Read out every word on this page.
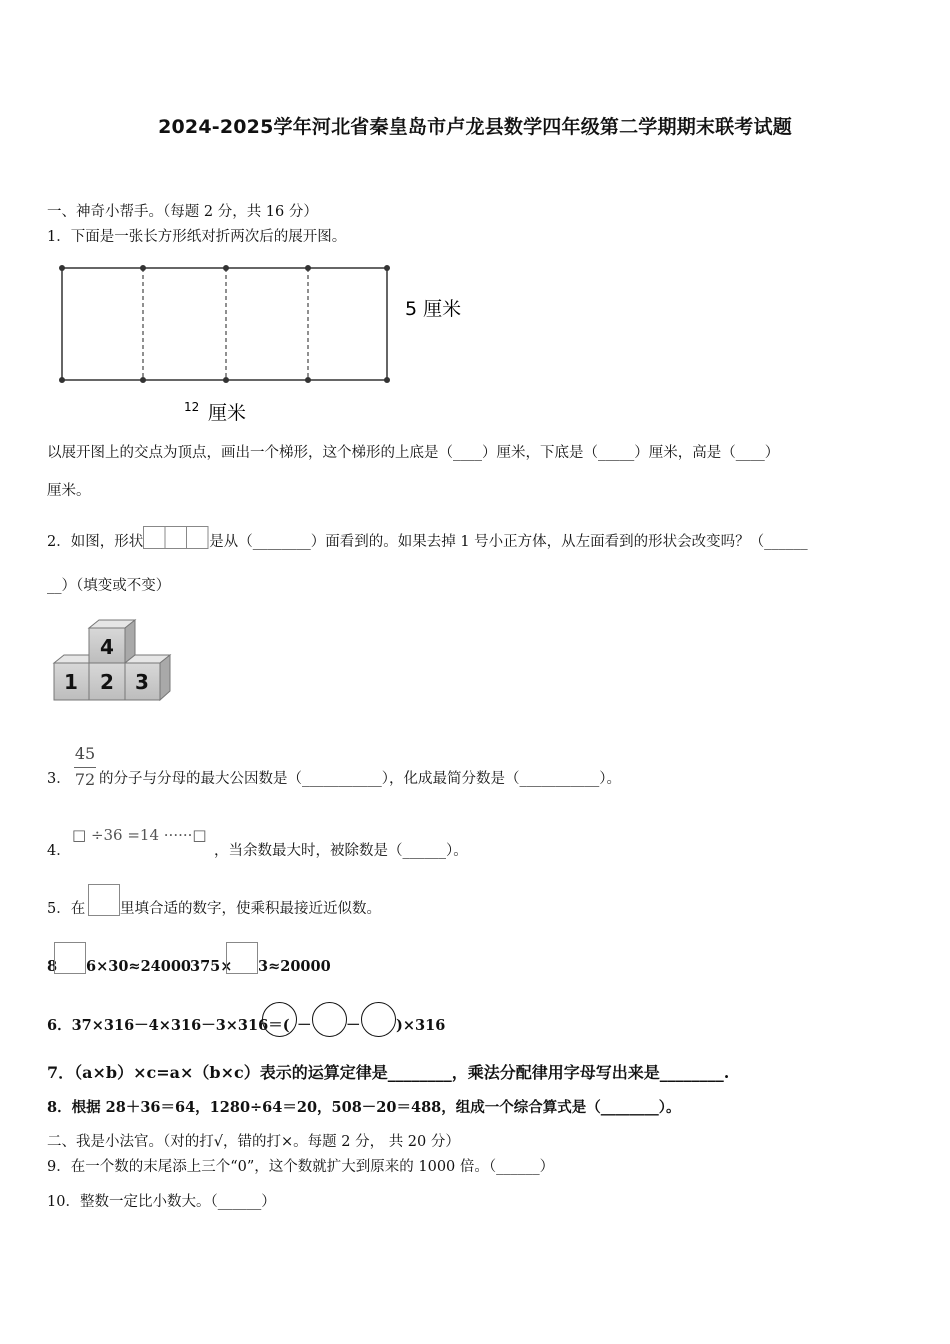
2024-2025学年河北省秦皇岛市卢龙县数学四年级第二学期期末联考试题
一、神奇小帮手。（每题 2 分，共 16 分）
1．下面是一张长方形纸对折两次后的展开图。
5 厘米
12 厘米
以展开图上的交点为顶点，画出一个梯形，这个梯形的上底是（____）厘米，下底是（_____）厘米，高是（____）
厘米。
2．如图，形状	是从（________）面看到的。如果去掉 1 号小正方体，从左面看到的形状会改变吗？（______
__）（填变或不变）
1 2 3
4
45
72
3． 的分子与分母的最大公因数是（___________），化成最简分数是（___________）。
□ ÷36 =14 ······□
4．	，当余数最大时，被除数是（______）。
5．在 里填合适的数字，使乘积最接近近似数。
8 6×30≈24000
375× 3≈20000
6．37×316－4×316－3×316＝( － － )×316
7．（a×b）×c=a×（b×c）表示的运算定律是________，乘法分配律用字母写出来是________.
8．根据 28＋36＝64，1280÷64＝20，508－20＝488，组成一个综合算式是（________）。
二、我是小法官。（对的打√，错的打×。每题 2 分， 共 20 分）
9．在一个数的末尾添上三个“0”，这个数就扩大到原来的 1000 倍。（______）
10．整数一定比小数大。（______）
